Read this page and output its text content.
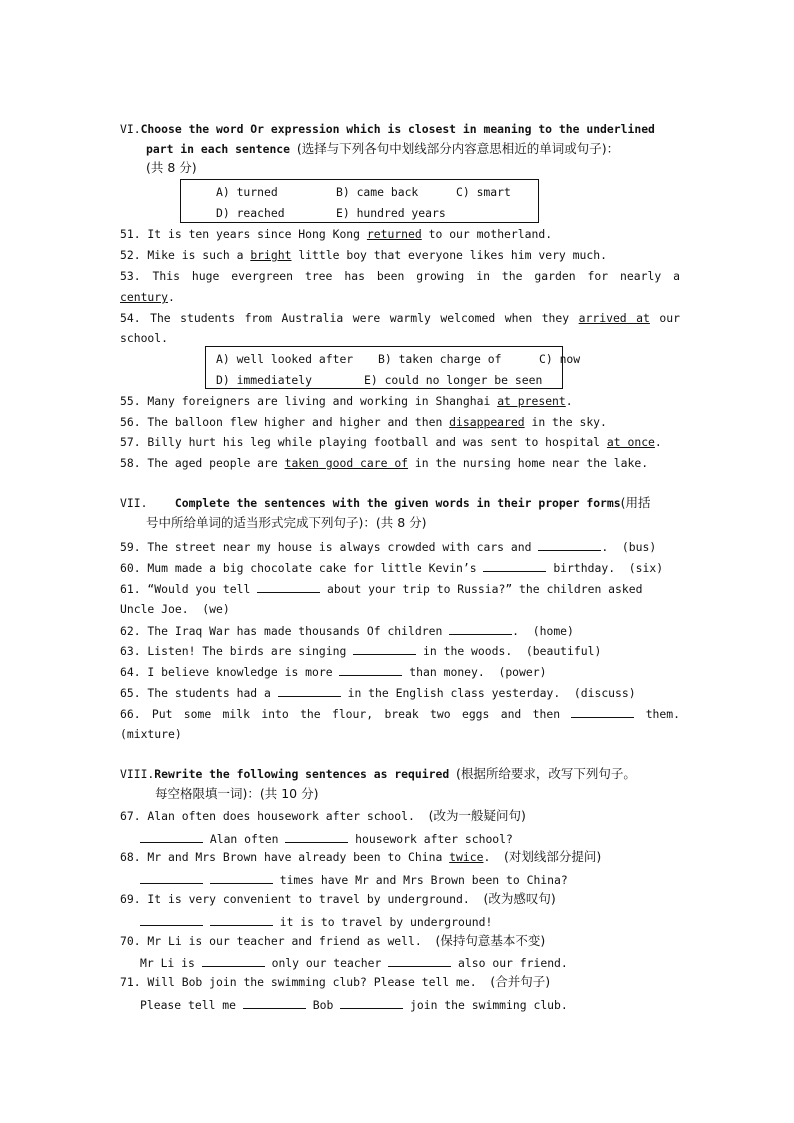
VI.Choose the word Or expression which is closest in meaning to the underlined
part in each sentence (选择与下列各句中划线部分内容意思相近的单词或句子)：
(共 8 分)
A) turned	B) came back	C) smart
D) reached	E) hundred years
51. It is ten years since Hong Kong returned to our motherland.
52. Mike is such a bright little boy that everyone likes him very much.
53. This huge evergreen tree has been growing in the garden for nearly a
century.
54. The students from Australia were warmly welcomed when they arrived at our
school.
A) well looked after B) taken charge of	C) now
D) immediately	E) could no longer be seen
55. Many foreigners are living and working in Shanghai at present.
56. The balloon flew higher and higher and then disappeared in the sky.
57. Billy hurt his leg while playing football and was sent to hospital at once.
58. The aged people are taken good care of in the nursing home near the lake.
VII. Complete the sentences with the given words in their proper forms(用括
号中所给单词的适当形式完成下列句子)：(共 8 分)
59. The street near my house is always crowded with cars and	.  (bus)
60. Mum made a big chocolate cake for little Kevin’s	birthday.  (six)
61. “Would you tell	about your trip to Russia?” the children asked
Uncle Joe.  (we)
62. The Iraq War has made thousands Of children	.  (home)
63. Listen! The birds are singing	in the woods.  (beautiful)
64. I believe knowledge is more	than money.  (power)
65. The students had a	in the English class yesterday.  (discuss)
66. Put some milk into the flour, break two eggs and then	them.
(mixture)
VIII.Rewrite the following sentences as required (根据所给要求，改写下列句子。
每空格限填一词)：(共 10 分)
67. Alan often does housework after school. (改为一般疑问句)
Alan often	housework after school?
68. Mr and Mrs Brown have already been to China twice. (对划线部分提问)
times have Mr and Mrs Brown been to China?
69. It is very convenient to travel by underground. (改为感叹句)
it is to travel by underground!
70. Mr Li is our teacher and friend as well. (保持句意基本不变)
Mr Li is	only our teacher	also our friend.
71. Will Bob join the swimming club? Please tell me. (合并句子)
Please tell me	Bob	join the swimming club.
